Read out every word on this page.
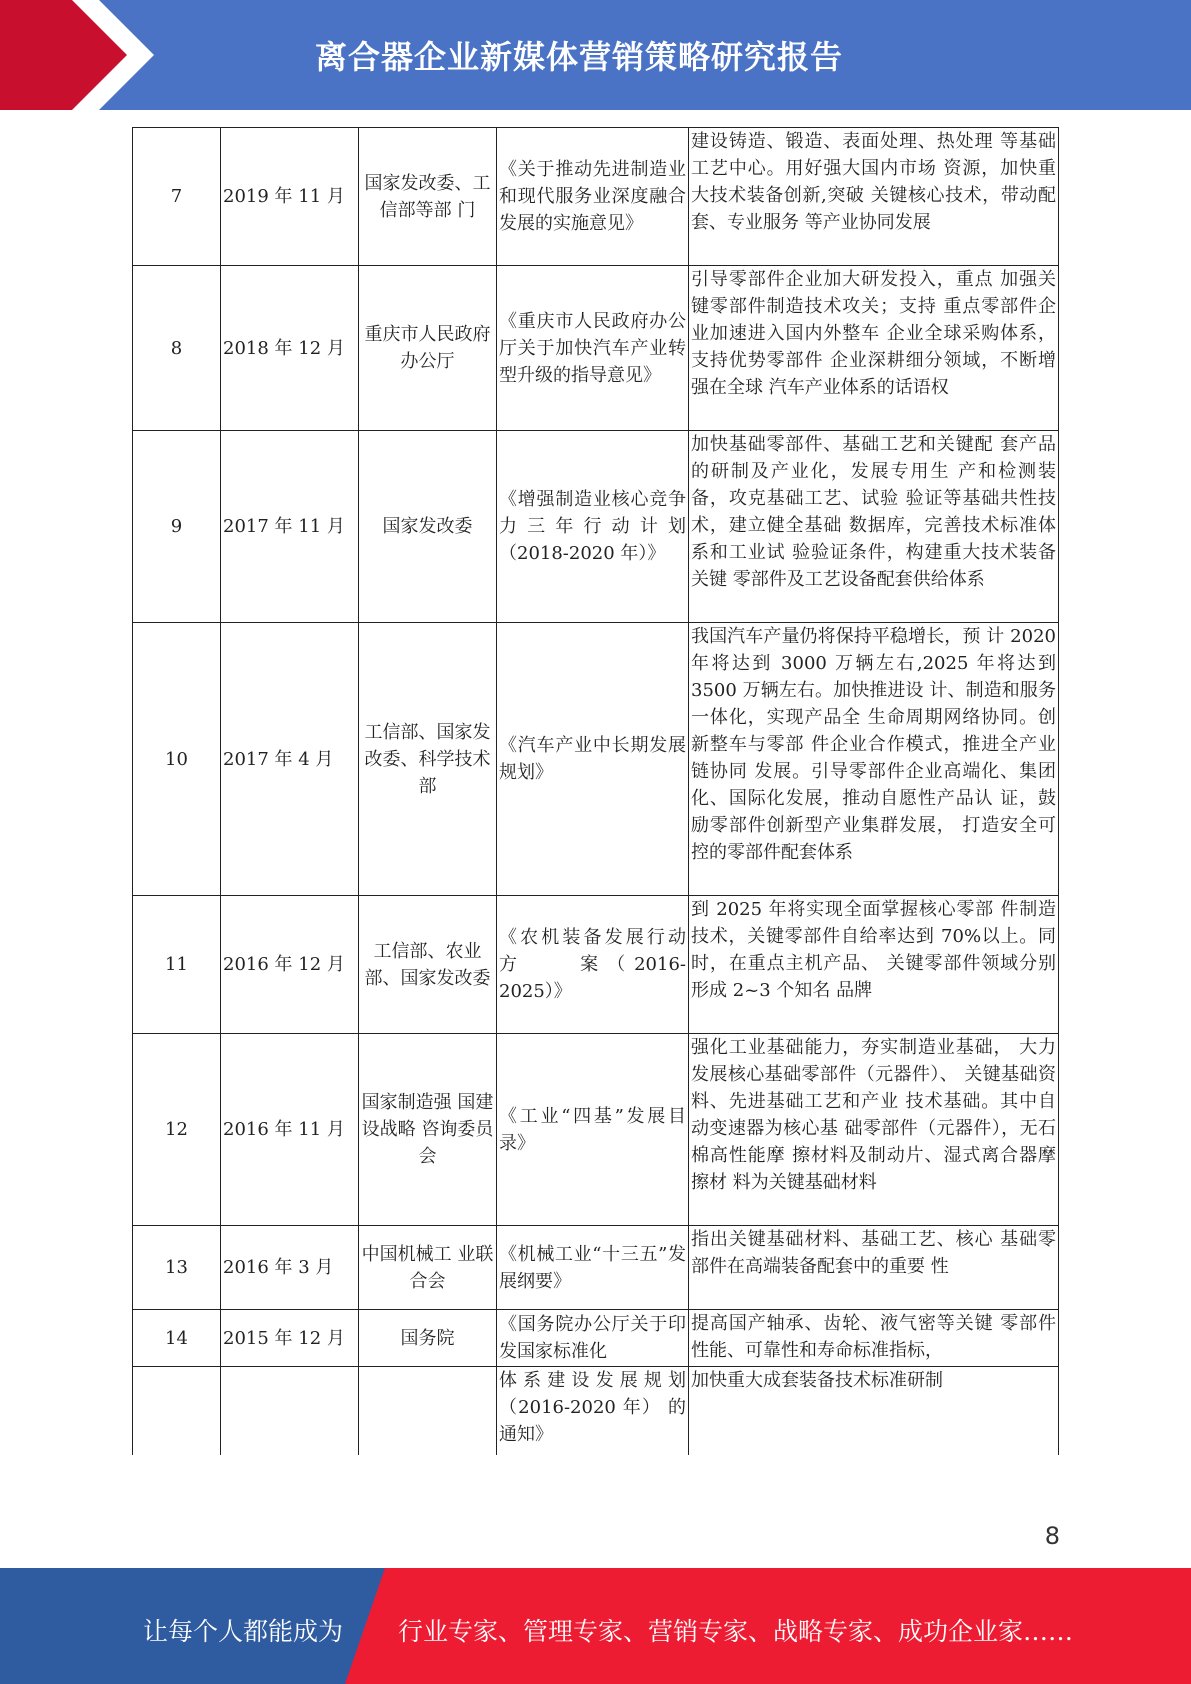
离合器企业新媒体营销策略研究报告
7	2019 年 11 月	国家发改委、工信部等部 门	《关于推动先进制造业和现代服务业深度融合发展的实施意见》	建设铸造、锻造、表面处理、热处理 等基础工艺中心。用好强大国内市场 资源，加快重大技术装备创新,突破 关键核心技术，带动配套、专业服务 等产业协同发展
8	2018 年 12 月	重庆市人民政府办公厅	《重庆市人民政府办公厅关于加快汽车产业转型升级的指导意见》	引导零部件企业加大研发投入，重点 加强关键零部件制造技术攻关；支持 重点零部件企业加速进入国内外整车 企业全球采购体系，支持优势零部件 企业深耕细分领域，不断增强在全球 汽车产业体系的话语权
9	2017 年 11 月	国家发改委	《增强制造业核心竞争力三年行动计划（2018-2020 年）》	加快基础零部件、基础工艺和关键配 套产品的研制及产业化，发展专用生 产和检测装备，攻克基础工艺、试验 验证等基础共性技术，建立健全基础 数据库，完善技术标准体系和工业试 验验证条件，构建重大技术装备关键 零部件及工艺设备配套供给体系
10	2017 年 4 月	工信部、国家发改委、科学技术部	《汽车产业中长期发展规划》	我国汽车产量仍将保持平稳增长，预 计 2020 年将达到 3000 万辆左右,2025 年将达到 3500 万辆左右。加快推进设 计、制造和服务一体化，实现产品全 生命周期网络协同。创新整车与零部 件企业合作模式，推进全产业链协同 发展。引导零部件企业高端化、集团 化、国际化发展，推动自愿性产品认 证，鼓励零部件创新型产业集群发展， 打造安全可控的零部件配套体系
11	2016 年 12 月	工信部、农业部、国家发改委	《农机装备发展行动　　方　　案（2016-2025）》	到 2025 年将实现全面掌握核心零部 件制造技术，关键零部件自给率达到 70%以上。同时，在重点主机产品、 关键零部件领域分别形成 2~3 个知名 品牌
12	2016 年 11 月	国家制造强 国建设战略 咨询委员会	《工业“四基”发展目录》	强化工业基础能力，夯实制造业基础， 大力发展核心基础零部件（元器件）、 关键基础资料、先进基础工艺和产业 技术基础。其中自动变速器为核心基 础零部件（元器件），无石棉高性能摩 擦材料及制动片、湿式离合器摩擦材 料为关键基础材料
13	2016 年 3 月	中国机械工 业联合会	《机械工业“十三五”发展纲要》	指出关键基础材料、基础工艺、核心 基础零部件在高端装备配套中的重要 性
14	2015 年 12 月	国务院	《国务院办公厅关于印发国家标准化	提高国产轴承、齿轮、液气密等关键 零部件性能、可靠性和寿命标准指标，
			体系建设发展规划（2016-2020 年） 的通知》	加快重大成套装备技术标准研制
8
让每个人都能成为 行业专家、管理专家、营销专家、战略专家、成功企业家……
